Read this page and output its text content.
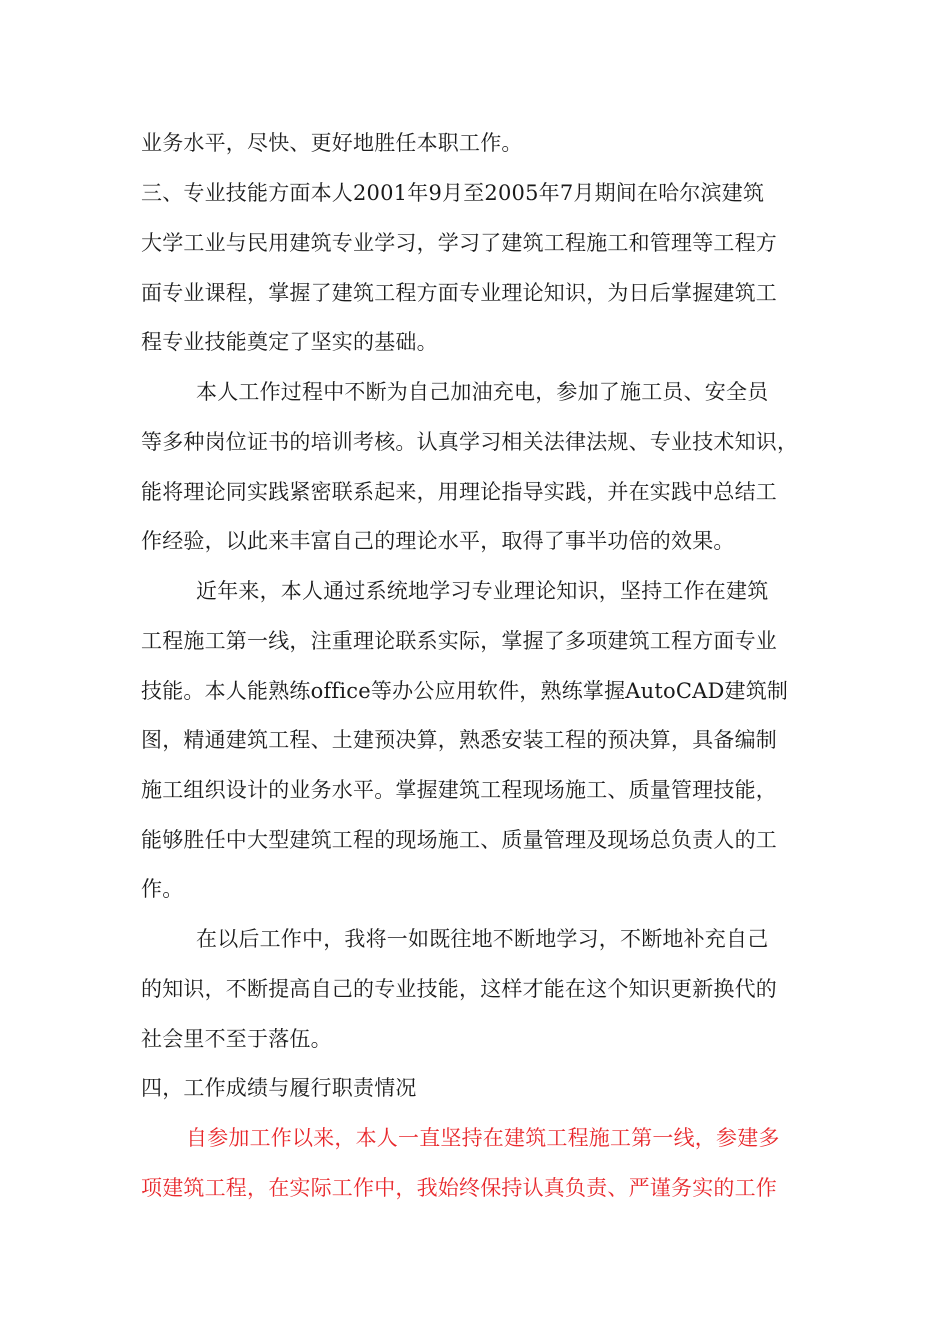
业务水平，尽快、更好地胜任本职工作。
三、专业技能方面本人2001年9月至2005年7月期间在哈尔滨建筑
大学工业与民用建筑专业学习，学习了建筑工程施工和管理等工程方
面专业课程，掌握了建筑工程方面专业理论知识，为日后掌握建筑工
程专业技能奠定了坚实的基础。
本人工作过程中不断为自己加油充电，参加了施工员、安全员
等多种岗位证书的培训考核。认真学习相关法律法规、专业技术知识，
能将理论同实践紧密联系起来，用理论指导实践，并在实践中总结工
作经验，以此来丰富自己的理论水平，取得了事半功倍的效果。
近年来，本人通过系统地学习专业理论知识，坚持工作在建筑
工程施工第一线，注重理论联系实际，掌握了多项建筑工程方面专业
技能。本人能熟练office等办公应用软件，熟练掌握AutoCAD建筑制
图，精通建筑工程、土建预决算，熟悉安装工程的预决算，具备编制
施工组织设计的业务水平。掌握建筑工程现场施工、质量管理技能，
能够胜任中大型建筑工程的现场施工、质量管理及现场总负责人的工
作。
在以后工作中，我将一如既往地不断地学习，不断地补充自己
的知识，不断提高自己的专业技能，这样才能在这个知识更新换代的
社会里不至于落伍。
四，工作成绩与履行职责情况
自参加工作以来，本人一直坚持在建筑工程施工第一线，参建多
项建筑工程，在实际工作中，我始终保持认真负责、严谨务实的工作
